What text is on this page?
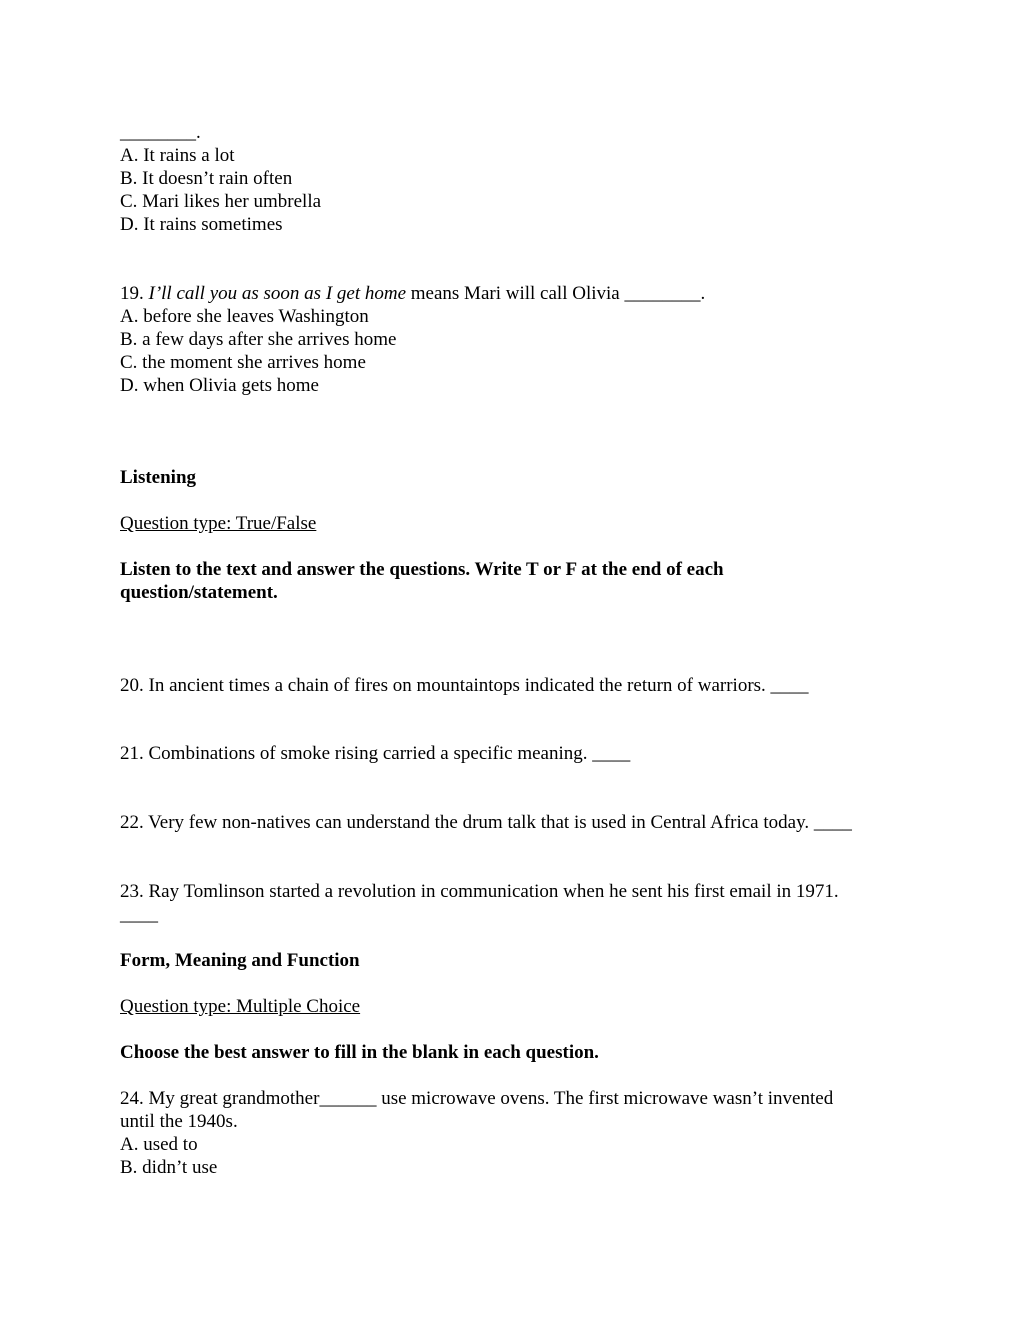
________.
A. It rains a lot
B. It doesn’t rain often
C. Mari likes her umbrella
D. It rains sometimes
19. I’ll call you as soon as I get home means Mari will call Olivia ________.
A. before she leaves Washington
B. a few days after she arrives home
C. the moment she arrives home
D. when Olivia gets home
Listening
Question type: True/False
Listen to the text and answer the questions. Write T or F at the end of each
question/statement.
20. In ancient times a chain of fires on mountaintops indicated the return of warriors. ____
21. Combinations of smoke rising carried a specific meaning. ____
22. Very few non-natives can understand the drum talk that is used in Central Africa today. ____
23. Ray Tomlinson started a revolution in communication when he sent his first email in 1971.
____
Form, Meaning and Function
Question type: Multiple Choice
Choose the best answer to fill in the blank in each question.
24. My great grandmother______ use microwave ovens. The first microwave wasn’t invented
until the 1940s.
A. used to
B. didn’t use
